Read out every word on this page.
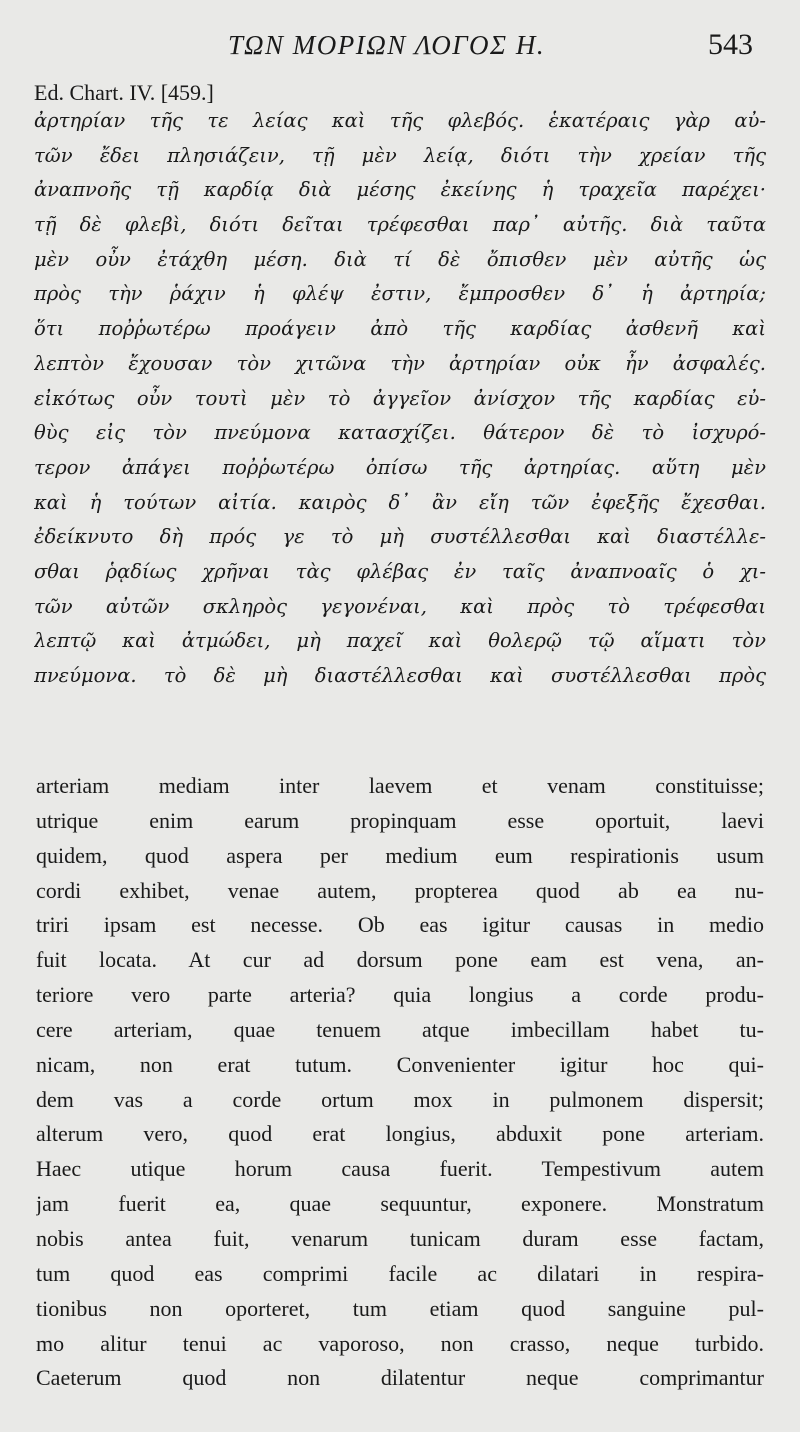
ΤΩΝ ΜΟΡΙΩΝ ΛΟΓΟΣ Η.	543
Ed. Chart. IV. [459.]
ἀρτηρίαν τῆς τε λείας καὶ τῆς φλεβός. ἑκατέραις γὰρ αὐ-
τῶν ἔδει πλησιάζειν, τῇ μὲν λείᾳ, διότι τὴν χρείαν τῆς
ἀναπνοῆς τῇ καρδίᾳ διὰ μέσης ἐκείνης ἡ τραχεῖα παρέχει·
τῇ δὲ φλεβὶ, διότι δεῖται τρέφεσθαι παρ᾽ αὐτῆς. διὰ ταῦτα
μὲν οὖν ἐτάχθη μέση. διὰ τί δὲ ὄπισθεν μὲν αὐτῆς ὡς
πρὸς τὴν ῥάχιν ἡ φλέψ ἐστιν, ἔμπροσθεν δ᾽ ἡ ἀρτηρία;
ὅτι ποῤῥωτέρω προάγειν ἀπὸ τῆς καρδίας ἀσθενῆ καὶ
λεπτὸν ἔχουσαν τὸν χιτῶνα τὴν ἀρτηρίαν οὐκ ἦν ἀσφαλές.
εἰκότως οὖν τουτὶ μὲν τὸ ἀγγεῖον ἀνίσχον τῆς καρδίας εὐ-
θὺς εἰς τὸν πνεύμονα κατασχίζει. θάτερον δὲ τὸ ἰσχυρό-
τερον ἀπάγει ποῤῥωτέρω ὀπίσω τῆς ἀρτηρίας. αὕτη μὲν
καὶ ἡ τούτων αἰτία. καιρὸς δ᾽ ἂν εἴη τῶν ἐφεξῆς ἔχεσθαι.
ἐδείκνυτο δὴ πρός γε τὸ μὴ συστέλλεσθαι καὶ διαστέλλε-
σθαι ῥᾳδίως χρῆναι τὰς φλέβας ἐν ταῖς ἀναπνοαῖς ὁ χι-
τῶν αὐτῶν σκληρὸς γεγονέναι, καὶ πρὸς τὸ τρέφεσθαι
λεπτῷ καὶ ἀτμώδει, μὴ παχεῖ καὶ θολερῷ τῷ αἵματι τὸν
πνεύμονα. τὸ δὲ μὴ διαστέλλεσθαι καὶ συστέλλεσθαι πρὸς
arteriam mediam inter laevem et venam constituisse;
utrique enim earum propinquam esse oportuit, laevi
quidem, quod aspera per medium eum respirationis usum
cordi exhibet, venae autem, propterea quod ab ea nu-
triri ipsam est necesse. Ob eas igitur causas in medio
fuit locata. At cur ad dorsum pone eam est vena, an-
teriore vero parte arteria? quia longius a corde produ-
cere arteriam, quae tenuem atque imbecillam habet tu-
nicam, non erat tutum. Convenienter igitur hoc qui-
dem vas a corde ortum mox in pulmonem dispersit;
alterum vero, quod erat longius, abduxit pone arteriam.
Haec utique horum causa fuerit. Tempestivum autem
jam fuerit ea, quae sequuntur, exponere. Monstratum
nobis antea fuit, venarum tunicam duram esse factam,
tum quod eas comprimi facile ac dilatari in respira-
tionibus non oporteret, tum etiam quod sanguine pul-
mo alitur tenui ac vaporoso, non crasso, neque turbido.
Caeterum quod non dilatentur neque comprimantur
